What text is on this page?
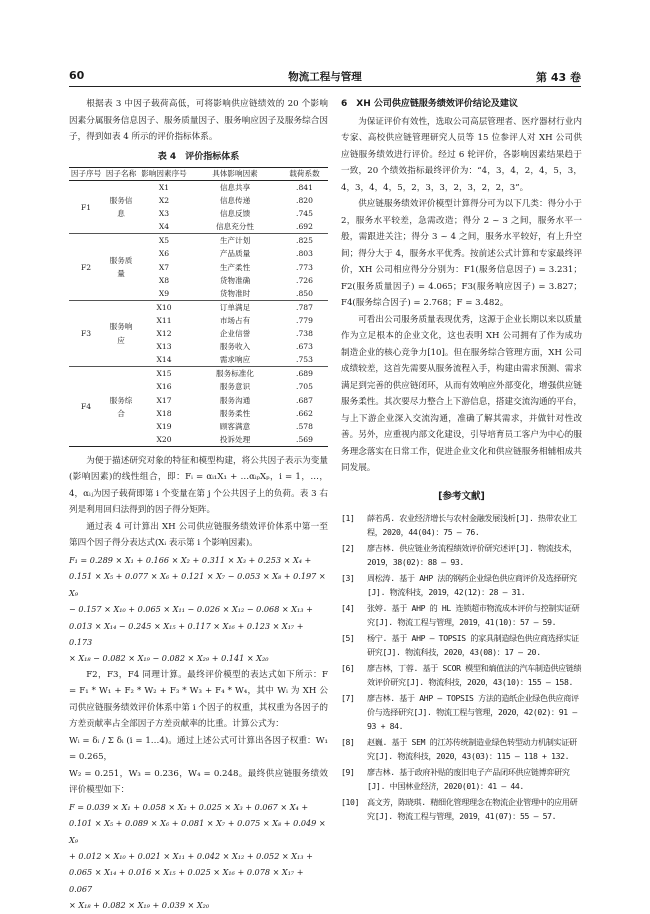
60	物流工程与管理	第 43 卷

根据表 3 中因子载荷高低，可将影响供应链绩效的 20 个影响因素分属服务信息因子、服务质量因子、服务响应因子及服务综合因子，得到如表 4 所示的评价指标体系。

表 4　评价指标体系
因子序号	因子名称	影响因素序号	具体影响因素	载荷系数
F1	服务信息	X1	信息共享	.841
		X2	信息传递	.820
		X3	信息反馈	.745
		X4	信息充分性	.692
F2	服务质量	X5	生产计划	.825
		X6	产品质量	.803
		X7	生产柔性	.773
		X8	货物准确	.726
		X9	货物准时	.850
F3	服务响应	X10	订单满足	.787
		X11	市场占有	.779
		X12	企业信誉	.738
		X13	服务收入	.673
		X14	需求响应	.753
F4	服务综合	X15	服务标准化	.689
		X16	服务意识	.705
		X17	服务沟通	.687
		X18	服务柔性	.662
		X19	顾客满意	.578
		X20	投诉处理	.569

为便于描述研究对象的特征和模型构建，将公共因子表示为变量(影响因素)的线性组合，即：Fᵢ = αᵢ₁X₁ + …αᵢₚXₚ，i = 1，…，4，αᵢⱼ为因子载荷即第 i 个变量在第 j 个公共因子上的负荷。表 3 右列是利用回归法得到的因子得分矩阵。

通过表 4 可计算出 XH 公司供应链服务绩效评价体系中第一至第四个因子得分表达式(Xᵢ 表示第 i 个影响因素)。

F₁ = 0.289 × X₁ + 0.166 × X₂ + 0.311 × X₃ + 0.253 × X₄ +
0.151 × X₅ + 0.077 × X₆ + 0.121 × X₇ − 0.053 × X₈ + 0.197 × X₉
− 0.157 × X₁₀ + 0.065 × X₁₁ − 0.026 × X₁₂ − 0.068 × X₁₃ +
0.013 × X₁₄ − 0.245 × X₁₅ + 0.117 × X₁₆ + 0.123 × X₁₇ + 0.173
× X₁₈ − 0.082 × X₁₉ − 0.082 × X₂₉ + 0.141 × X₂₀

F2，F3，F4 同理计算。最终评价模型的表达式如下所示：F = F₁ * W₁ + F₂ * W₂ + F₃ * W₃ + F₄ * W₄，其中 Wᵢ 为 XH 公司供应链服务绩效评价体系中第 i 个因子的权重，其权重为各因子的方差贡献率占全部因子方差贡献率的比重。计算公式为：

Wᵢ = δᵢ / Σ δᵢ (i = 1…4)。通过上述公式可计算出各因子权重：W₁ = 0.265，

W₂ = 0.251，W₃ = 0.236，W₄ = 0.248。最终供应链服务绩效评价模型如下：

F = 0.039 × X₁ + 0.058 × X₂ + 0.025 × X₃ + 0.067 × X₄ +
0.101 × X₅ + 0.089 × X₆ + 0.081 × X₇ + 0.075 × X₈ + 0.049 × X₉
+ 0.012 × X₁₀ + 0.021 × X₁₁ + 0.042 × X₁₂ + 0.052 × X₁₃ +
0.065 × X₁₄ + 0.016 × X₁₅ + 0.025 × X₁₆ + 0.078 × X₁₇ + 0.067
× X₁₈ + 0.082 × X₁₉ + 0.039 × X₂₀
6　XH 公司供应链服务绩效评价结论及建议

为保证评价有效性，选取公司高层管理者、医疗器材行业内专家、高校供应链管理研究人员等 15 位参评人对 XH 公司供应链服务绩效进行评价。经过 6 轮评价，各影响因素结果趋于一致，20 个绩效指标最终评价为：“4，3，4，2，4，5，3，4，3，4，4，5，2，3，3，2，3，2，2，3”。

供应链服务绩效评价模型计算得分可为以下几类：得分小于 2，服务水平较差，急需改造；得分 2 ~ 3 之间，服务水平一般，需跟进关注；得分 3 ~ 4 之间，服务水平较好，有上升空间；得分大于 4，服务水平优秀。按前述公式计算和专家最终评价，XH 公司相应得分分别为：F1(服务信息因子) = 3.231；F2(服务质量因子) = 4.065；F3(服务响应因子) = 3.827；F4(服务综合因子) = 2.768；F = 3.482。

可看出公司服务质量表现优秀，这源于企业长期以来以质量作为立足根本的企业文化，这也表明 XH 公司拥有了作为成功制造企业的核心竞争力[10]。但在服务综合管理方面，XH 公司成绩较差，这首先需要从服务流程入手，构建由需求预测、需求满足到完善的供应链闭环，从而有效响应外部变化，增强供应链服务柔性。其次要尽力整合上下游信息，搭建交流沟通的平台，与上下游企业深入交流沟通，准确了解其需求，并做针对性改善。另外，应重视内部文化建设，引导培育员工客户为中心的服务理念落实在日常工作，促进企业文化和供应链服务相辅相成共同发展。

[参考文献]

[1] 薛若禹. 农业经济增长与农村金融发展浅析[J]. 热带农业工程，2020，44(04)：75 – 76.

[2] 廖吉林. 供应链业务流程绩效评价研究述评[J]. 物流技术，2019，38(02)：88 – 93.

[3] 周松涛. 基于 AHP 法的钢药企业绿色供应商评价及选择研究[J]. 物流科技，2019，42(12)：28 – 31.

[4] 张婷. 基于 AHP 的 HL 连锁超市物流成本评价与控制实证研究[J]. 物流工程与管理，2019，41(10)：57 – 59.

[5] 杨宁. 基于 AHP – TOPSIS 的家具制造绿色供应商选择实证研究[J]. 物流科技，2020，43(08)：17 – 20.

[6] 廖吉林，丁蓉. 基于 SCOR 模型和熵值法的汽车制造供应链绩效评价研究[J]. 物流科技，2020，43(10)：155 – 158.

[7] 廖吉林. 基于 AHP – TOPSIS 方法的造纸企业绿色供应商评价与选择研究[J]. 物流工程与管理，2020，42(02)：91 – 93 + 84.

[8] 赵巍. 基于 SEM 的江苏传统制造业绿色转型动力机制实证研究[J]. 物流科技，2020，43(03)：115 – 118 + 132.

[9] 廖吉林. 基于政府补贴的废旧电子产品闭环供应链博弈研究[J]. 中国林业经济，2020(01)：41 – 44.

[10] 高文芳，陈晓琪. 精细化管理理念在物流企业管理中的应用研究[J]. 物流工程与管理，2019，41(07)：55 – 57.
